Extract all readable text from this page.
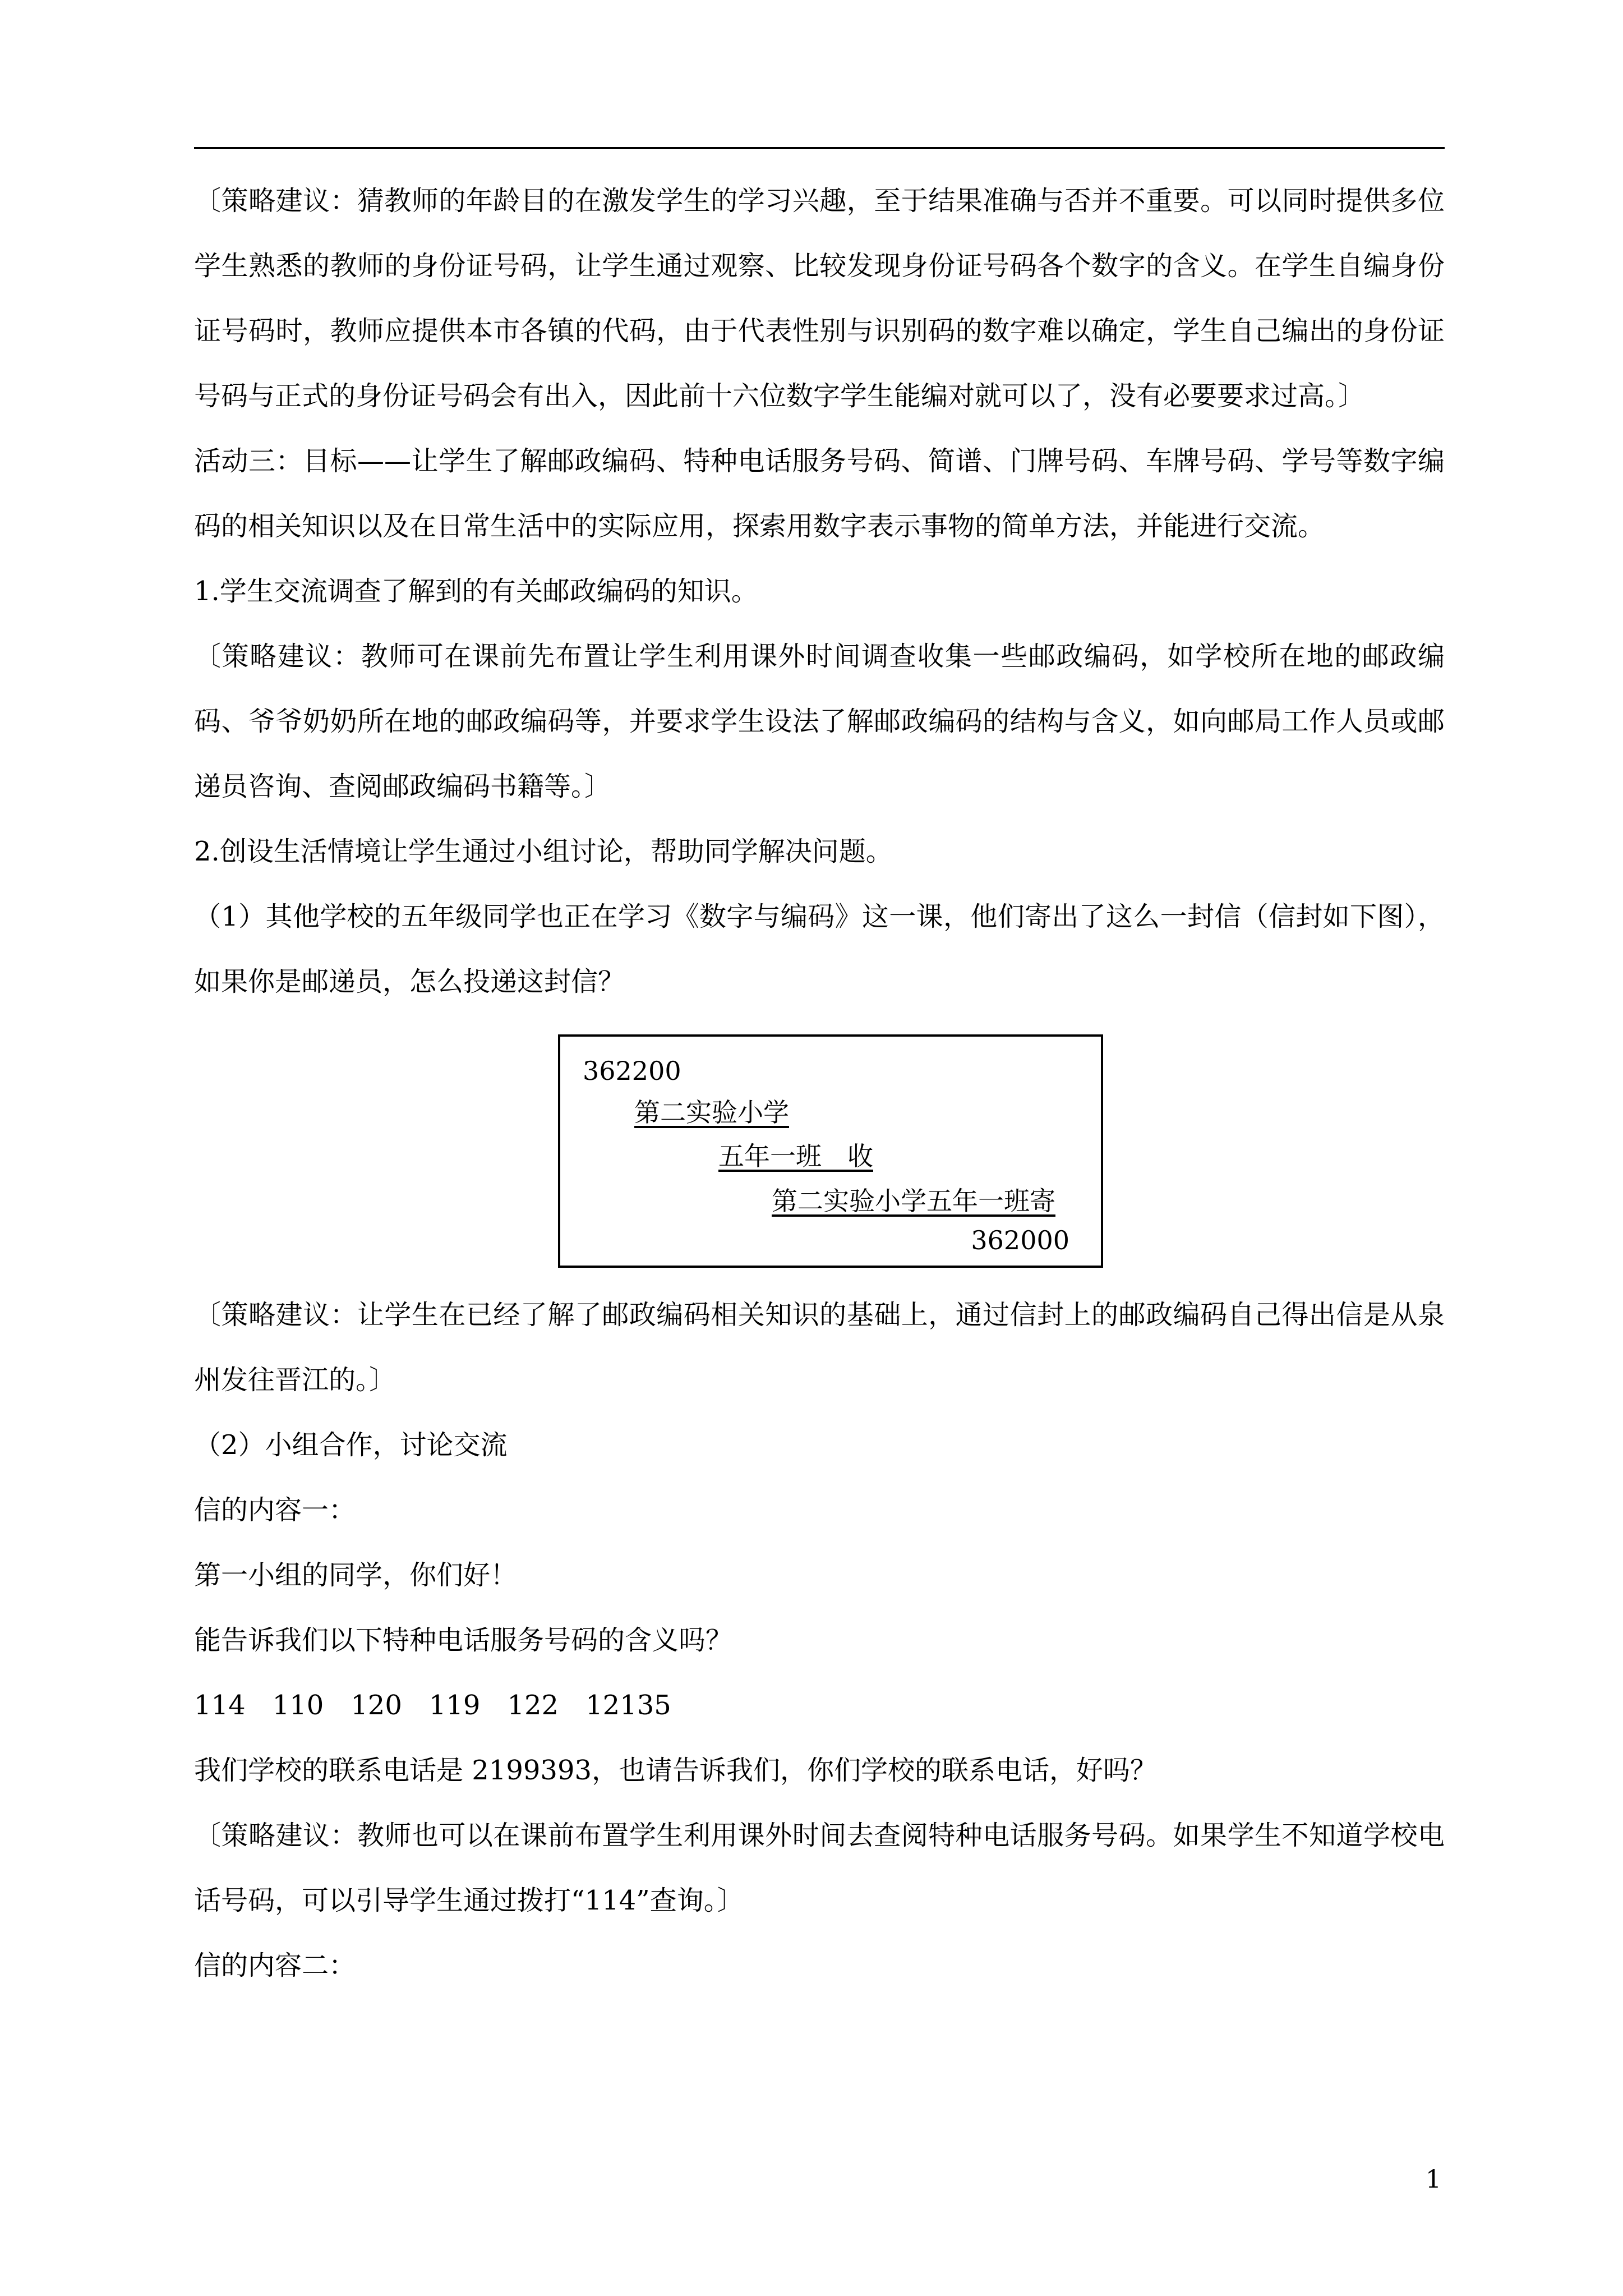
〔策略建议：猜教师的年龄目的在激发学生的学习兴趣，至于结果准确与否并不重要。可以同时提供多位学生熟悉的教师的身份证号码，让学生通过观察、比较发现身份证号码各个数字的含义。在学生自编身份证号码时，教师应提供本市各镇的代码，由于代表性别与识别码的数字难以确定，学生自己编出的身份证号码与正式的身份证号码会有出入，因此前十六位数字学生能编对就可以了，没有必要要求过高。〕

活动三：目标——让学生了解邮政编码、特种电话服务号码、简谱、门牌号码、车牌号码、学号等数字编码的相关知识以及在日常生活中的实际应用，探索用数字表示事物的简单方法，并能进行交流。

1.学生交流调查了解到的有关邮政编码的知识。

〔策略建议：教师可在课前先布置让学生利用课外时间调查收集一些邮政编码，如学校所在地的邮政编码、爷爷奶奶所在地的邮政编码等，并要求学生设法了解邮政编码的结构与含义，如向邮局工作人员或邮递员咨询、查阅邮政编码书籍等。〕

2.创设生活情境让学生通过小组讨论，帮助同学解决问题。

（1）其他学校的五年级同学也正在学习《数字与编码》这一课，他们寄出了这么一封信（信封如下图），如果你是邮递员，怎么投递这封信？

362200
第二实验小学
五年一班　收
第二实验小学五年一班寄
362000

〔策略建议：让学生在已经了解了邮政编码相关知识的基础上，通过信封上的邮政编码自己得出信是从泉州发往晋江的。〕

（2）小组合作，讨论交流

信的内容一：

第一小组的同学，你们好！

能告诉我们以下特种电话服务号码的含义吗？

114　110　120　119　122　12135

我们学校的联系电话是 2199393，也请告诉我们，你们学校的联系电话，好吗？

〔策略建议：教师也可以在课前布置学生利用课外时间去查阅特种电话服务号码。如果学生不知道学校电话号码，可以引导学生通过拨打“114”查询。〕

信的内容二：

1
